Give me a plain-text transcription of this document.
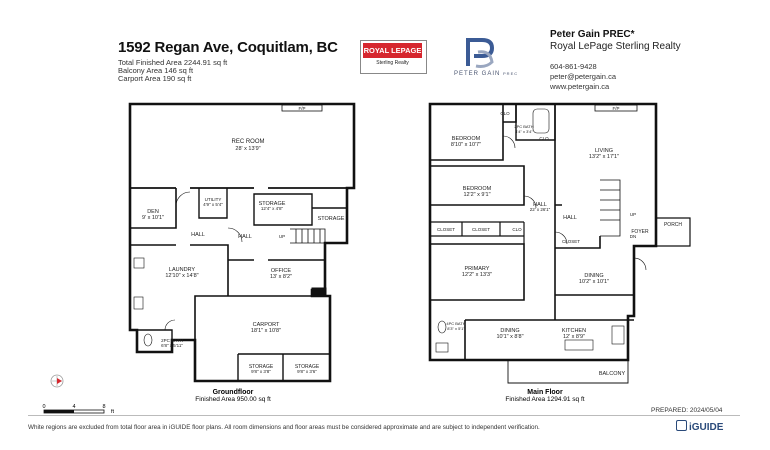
1592 Regan Ave, Coquitlam, BC
Total Finished Area 2244.91 sq ft
Balcony Area 146 sq ft
Carport Area 190 sq ft
ROYAL LEPAGE
Sterling Realty
PETER GAIN PREC
Peter Gain PREC*
Royal LePage Sterling Realty
604-861-9428
peter@petergain.ca
www.petergain.ca
REC ROOM
28' x 13'9"
DEN
9' x 10'1"
UTILITY
4'9" x 5'4"	STORAGE
12'4" x 4'8"
STORAGE
HALL	HALL
LAUNDRY
12'10" x 14'8"
OFFICE
13' x 8'2"
CARPORT
18'1" x 10'8"
2PC BATH
6'8" x 5'11"
STORAGE
9'8" x 3'8"
STORAGE
9'8" x 3'6"
F/P
UP
BEDROOM
8'10" x 10'7"
BEDROOM
12'2" x 9'1"
PRIMARY
12'2" x 13'3"
LIVING
13'2" x 17'1"
HALL
22' x 26'1"
HALL
DINING
10'2" x 10'1"
DINING
10'1" x 8'8"
KITCHEN
12' x 8'9"
FOYER
PORCH
BALCONY
4PC BATH
8'3" x 5'1"
2PC BATH
4'4" x 3'4"
CLO
CLO
CLO
CLOSET	CLOSET
CLOSET
F/P
UP
DN
0	4	8
ft
Groundfloor
Finished Area 950.00 sq ft
Main Floor
Finished Area 1294.91 sq ft
PREPARED: 2024/05/04
White regions are excluded from total floor area in iGUIDE floor plans. All room dimensions and floor areas must be considered approximate and are subject to independent verification.	iGUIDE
